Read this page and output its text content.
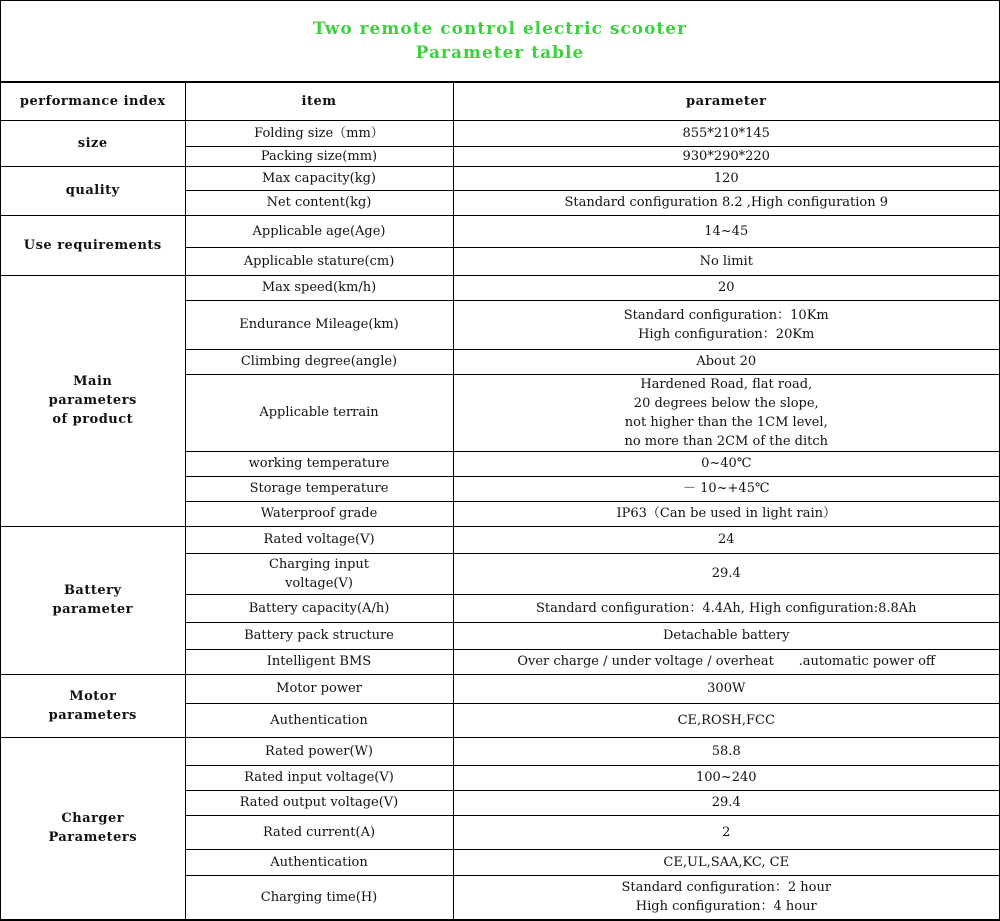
Two remote control electric scooter
Parameter table
performance index	item	parameter
size	Folding size（mm）	855*210*145
	Packing size(mm)	930*290*220
quality	Max capacity(kg)	120
	Net content(kg)	Standard configuration 8.2 ,High configuration 9
Use requirements	Applicable age(Age)	14~45
	Applicable stature(cm)	No limit

Main
parameters
of product	Max speed(km/h)	20
	Endurance Mileage(km)	Standard configuration：10Km
High configuration：20Km

	Climbing degree(angle)	About 20
	Applicable terrain	Hardened Road, flat road,
20 degrees below the slope,
not higher than the 1CM level,
no more than 2CM of the ditch

	working temperature	0~40℃
	Storage temperature	－ 10~+45℃
	Waterproof grade	IP63（Can be used in light rain）

Battery
parameter	Rated voltage(V)	24

	Charging input
voltage(V)	29.4
	Battery capacity(A/h)	Standard configuration：4.4Ah, High configuration:8.8Ah
	Battery pack structure	Detachable battery
	Intelligent BMS	Over charge / under voltage / overheat      .automatic power off

Motor
parameters	Motor power	300W
	Authentication	CE,ROSH,FCC

Charger
Parameters	Rated power(W)	58.8
	Rated input voltage(V)	100~240
	Rated output voltage(V)	29.4
	Rated current(A)	2
	Authentication	CE,UL,SAA,KC, CE
	Charging time(H)	Standard configuration：2 hour
High configuration：4 hour
